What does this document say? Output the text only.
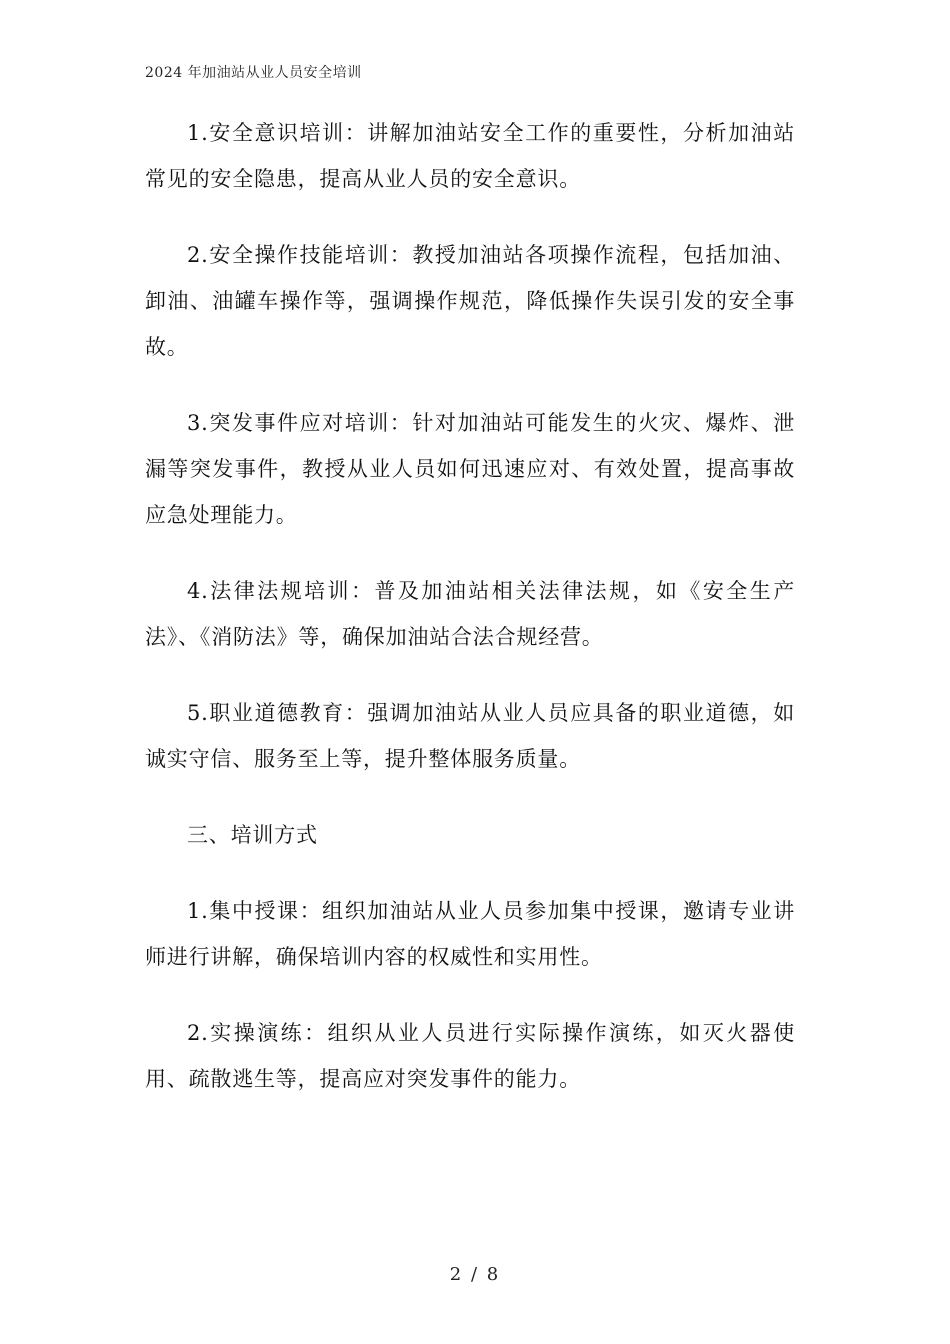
2024 年加油站从业人员安全培训

1.安全意识培训：讲解加油站安全工作的重要性，分析加油站常见的安全隐患，提高从业人员的安全意识。

2.安全操作技能培训：教授加油站各项操作流程，包括加油、卸油、油罐车操作等，强调操作规范，降低操作失误引发的安全事故。

3.突发事件应对培训：针对加油站可能发生的火灾、爆炸、泄漏等突发事件，教授从业人员如何迅速应对、有效处置，提高事故应急处理能力。

4.法律法规培训：普及加油站相关法律法规，如《安全生产法》、《消防法》等，确保加油站合法合规经营。

5.职业道德教育：强调加油站从业人员应具备的职业道德，如诚实守信、服务至上等，提升整体服务质量。

三、培训方式

1.集中授课：组织加油站从业人员参加集中授课，邀请专业讲师进行讲解，确保培训内容的权威性和实用性。

2.实操演练：组织从业人员进行实际操作演练，如灭火器使用、疏散逃生等，提高应对突发事件的能力。

2 / 8
